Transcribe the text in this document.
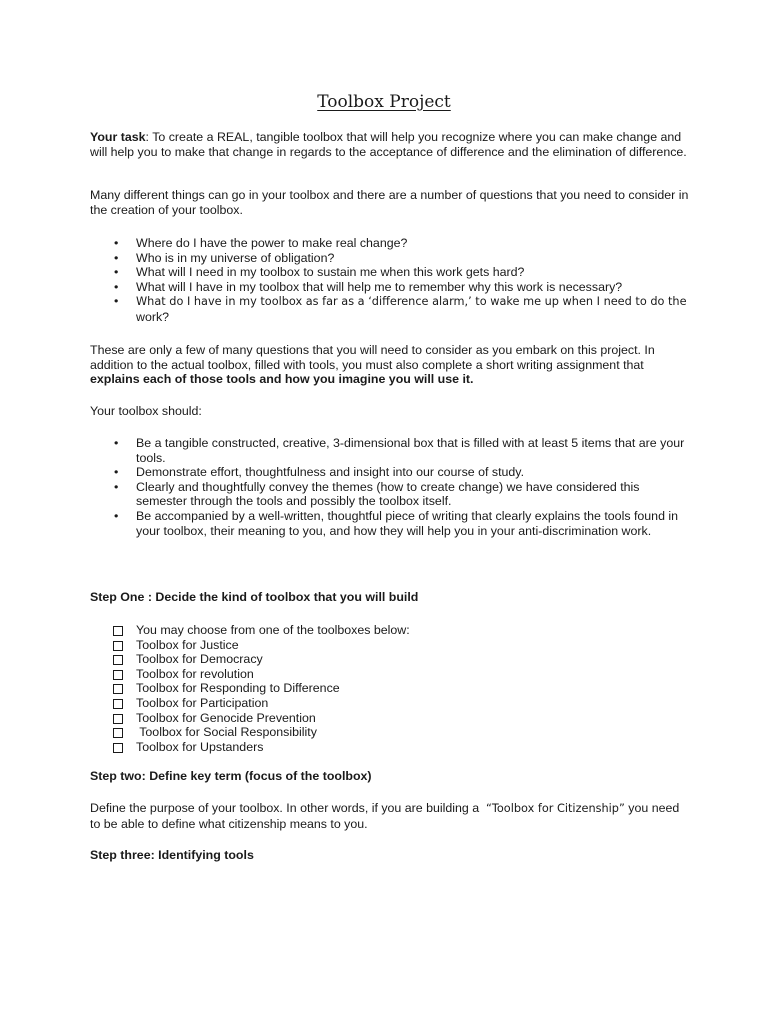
Toolbox Project

Your task: To create a REAL, tangible toolbox that will help you recognize where you can make change and will help you to make that change in regards to the acceptance of difference and the elimination of difference.

Many different things can go in your toolbox and there are a number of questions that you need to consider in the creation of your toolbox.

• Where do I have the power to make real change?
• Who is in my universe of obligation?
• What will I need in my toolbox to sustain me when this work gets hard?
• What will I have in my toolbox that will help me to remember why this work is necessary?
• What do I have in my toolbox as far as a ‘difference alarm,’ to wake me up when I need to do the
work?

These are only a few of many questions that you will need to consider as you embark on this project. In addition to the actual toolbox, filled with tools, you must also complete a short writing assignment that explains each of those tools and how you imagine you will use it.

Your toolbox should:

• Be a tangible constructed, creative, 3-dimensional box that is filled with at least 5 items that are your tools.
• Demonstrate effort, thoughtfulness and insight into our course of study.
• Clearly and thoughtfully convey the themes (how to create change) we have considered this semester through the tools and possibly the toolbox itself.
• Be accompanied by a well-written, thoughtful piece of writing that clearly explains the tools found in your toolbox, their meaning to you, and how they will help you in your anti-discrimination work.

Step One : Decide the kind of toolbox that you will build

You may choose from one of the toolboxes below:
Toolbox for Justice
Toolbox for Democracy
Toolbox for revolution
Toolbox for Responding to Difference
Toolbox for Participation
Toolbox for Genocide Prevention
Toolbox for Social Responsibility
Toolbox for Upstanders

Step two: Define key term (focus of the toolbox)

Define the purpose of your toolbox. In other words, if you are building a  “Toolbox for Citizenship” you need to be able to define what citizenship means to you.

Step three: Identifying tools
